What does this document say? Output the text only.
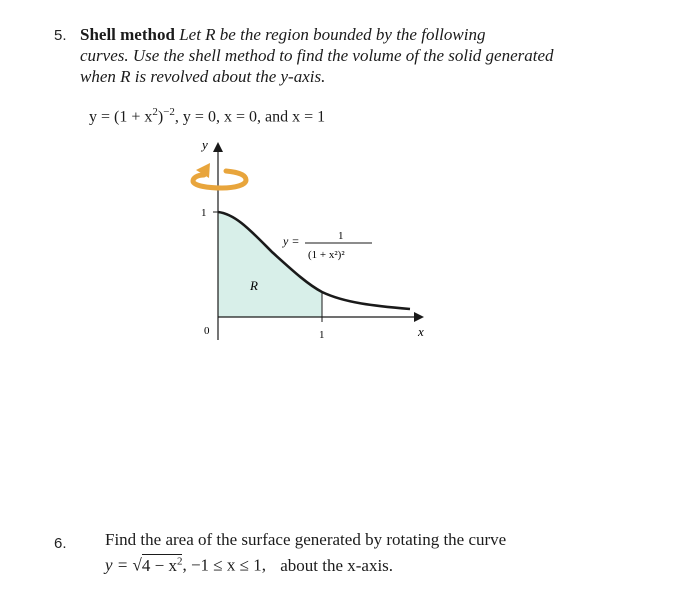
5. Shell method Let R be the region bounded by the following
curves. Use the shell method to find the volume of the solid generated
when R is revolved about the y-axis.
$y = (1 + x^2)^{-2}$, y = 0, x = 0, and x = 1
y
x
1
0	1
R
y =	1
(1 + x²)²
6. Find the area of the surface generated by rotating the curve
$y = √4 - x^2$, −1 ≤ x ≤ 1, about the x-axis.
